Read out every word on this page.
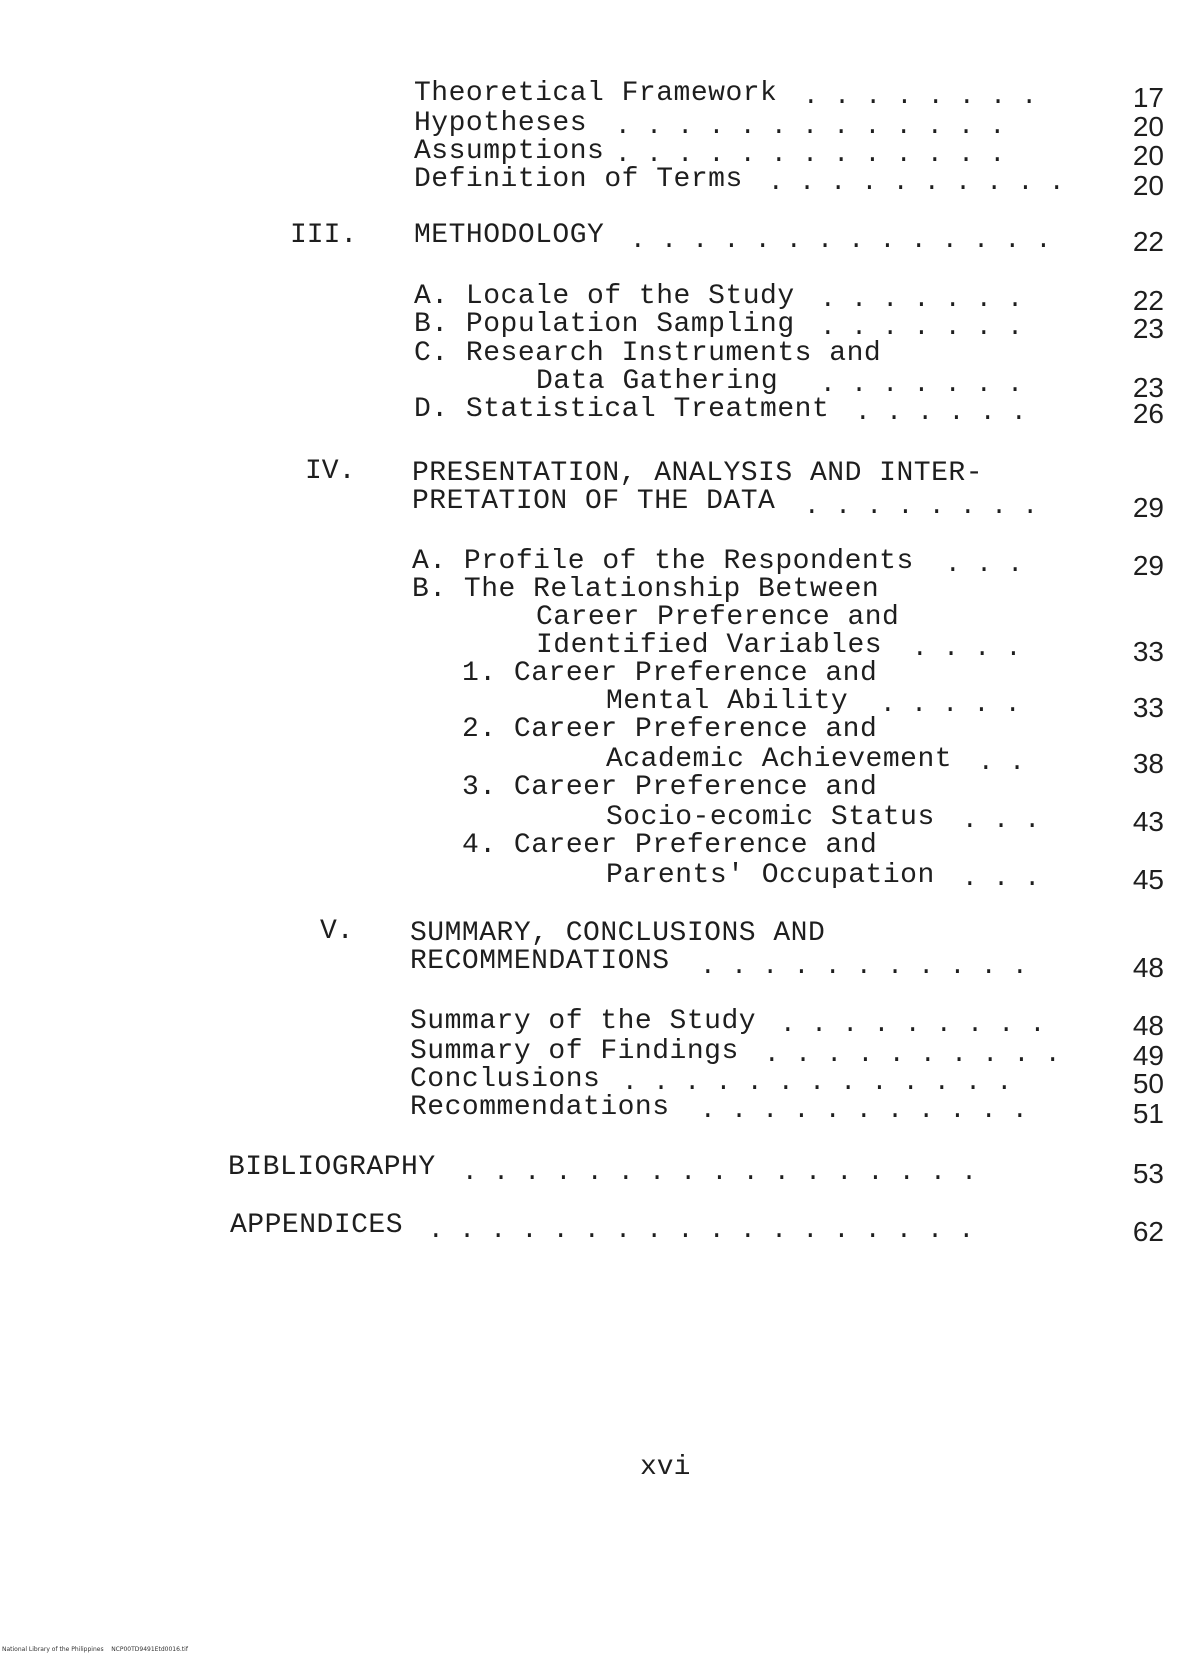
Theoretical Framework . . . . . . . .	17
Hypotheses . . . . . . . . . . . . .	20
Assumptions . . . . . . . . . . . . .	20
Definition of Terms . . . . . . . . . . 20
III. METHODOLOGY . . . . . . . . . . . . . .	22
A. Locale of the Study . . . . . . .	22
B. Population Sampling . . . . . . .	23
C. Research Instruments and
Data Gathering . . . . . . .	23
D. Statistical Treatment . . . . . .	26
IV. PRESENTATION, ANALYSIS AND INTER-
PRETATION OF THE DATA . . . . . . . .	29
A. Profile of the Respondents . . .	29
B. The Relationship Between
Career Preference and
Identified Variables . . . .	33
1. Career Preference and
Mental Ability . . . . .	33
2. Career Preference and
Academic Achievement . .	38
3. Career Preference and
Socio-ecomic Status . . .	43
4. Career Preference and
Parents' Occupation . . .	45
V. SUMMARY, CONCLUSIONS AND
RECOMMENDATIONS . . . . . . . . . . .	48
Summary of the Study . . . . . . . . .	48
Summary of Findings . . . . . . . . . .	49
Conclusions . . . . . . . . . . . . .	50
Recommendations . . . . . . . . . . .	51
BIBLIOGRAPHY . . . . . . . . . . . . . . . . .	53
APPENDICES . . . . . . . . . . . . . . . . . .	62
xvi
National Library of the Philippines    NCP00TD9491Etd0016.tif
